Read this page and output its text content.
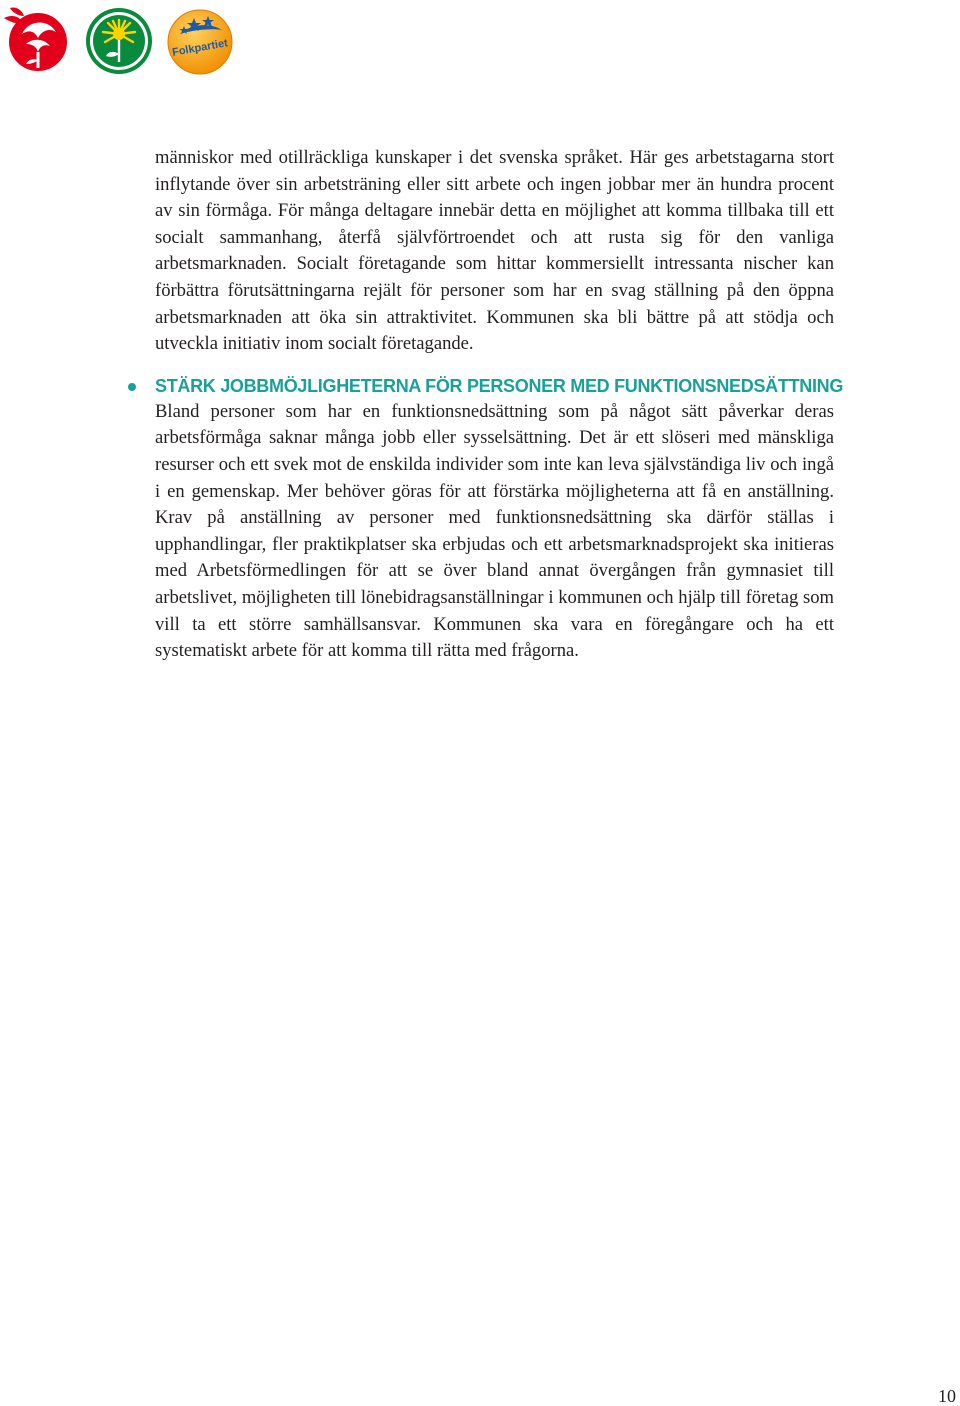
Folkpartiet

människor med otillräckliga kunskaper i det svenska språket. Här ges arbetstagarna stort inflytande över sin arbetsträning eller sitt arbete och ingen jobbar mer än hundra procent av sin förmåga. För många deltagare innebär detta en möjlighet att komma tillbaka till ett socialt sammanhang, återfå självförtroendet och att rusta sig för den vanliga arbetsmarknaden. Socialt företagande som hittar kommersiellt intressanta nischer kan förbättra förutsättningarna rejält för personer som har en svag ställning på den öppna arbetsmarknaden att öka sin attraktivitet. Kommunen ska bli bättre på att stödja och utveckla initiativ inom socialt företagande.

STÄRK JOBBMÖJLIGHETERNA FÖR PERSONER MED FUNKTIONSNEDSÄTTNING

Bland personer som har en funktionsnedsättning som på något sätt påverkar deras arbetsförmåga saknar många jobb eller sysselsättning. Det är ett slöseri med mänskliga resurser och ett svek mot de enskilda individer som inte kan leva självständiga liv och ingå i en gemenskap. Mer behöver göras för att förstärka möjligheterna att få en anställning. Krav på anställning av personer med funktionsnedsättning ska därför ställas i upphandlingar, fler praktikplatser ska erbjudas och ett arbetsmarknadsprojekt ska initieras med Arbetsförmedlingen för att se över bland annat övergången från gymnasiet till arbetslivet, möjligheten till lönebidragsanställningar i kommunen och hjälp till företag som vill ta ett större samhällsansvar. Kommunen ska vara en föregångare och ha ett systematiskt arbete för att komma till rätta med frågorna.

10
